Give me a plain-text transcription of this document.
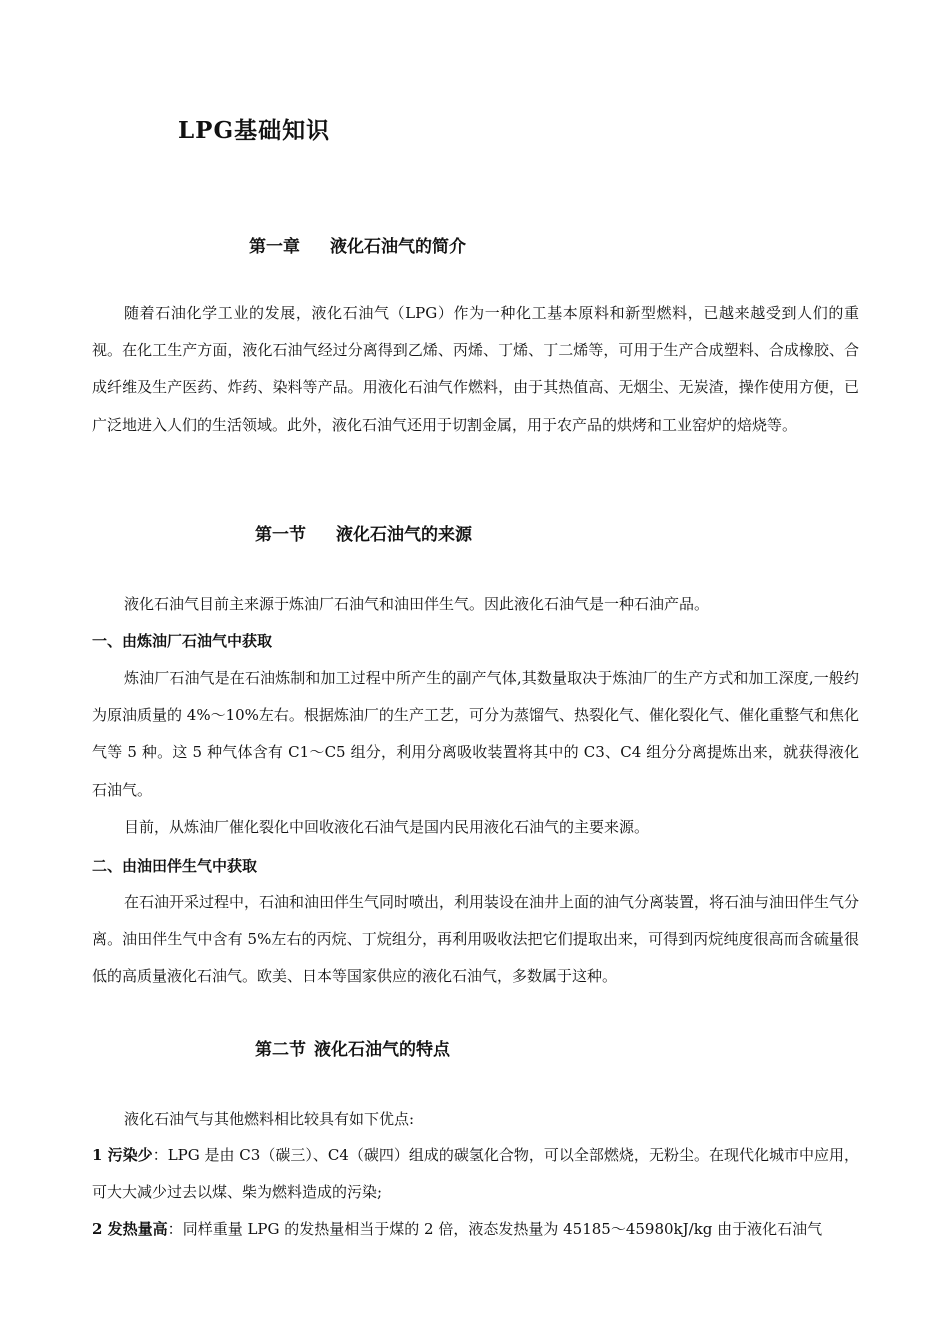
LPG基础知识
第一章 液化石油气的简介

随着石油化学工业的发展，液化石油气（LPG）作为一种化工基本原料和新型燃料，已越来越受到人们的重视。在化工生产方面，液化石油气经过分离得到乙烯、丙烯、丁烯、丁二烯等，可用于生产合成塑料、合成橡胶、合成纤维及生产医药、炸药、染料等产品。用液化石油气作燃料，由于其热值高、无烟尘、无炭渣，操作使用方便，已广泛地进入人们的生活领域。此外，液化石油气还用于切割金属，用于农产品的烘烤和工业窑炉的焙烧等。

第一节 液化石油气的来源

液化石油气目前主来源于炼油厂石油气和油田伴生气。因此液化石油气是一种石油产品。

一、由炼油厂石油气中获取

炼油厂石油气是在石油炼制和加工过程中所产生的副产气体,其数量取决于炼油厂的生产方式和加工深度,一般约为原油质量的 4%～10%左右。根据炼油厂的生产工艺，可分为蒸馏气、热裂化气、催化裂化气、催化重整气和焦化气等 5 种。这 5 种气体含有 C1～C5 组分，利用分离吸收装置将其中的 C3、C4 组分分离提炼出来，就获得液化石油气。

目前，从炼油厂催化裂化中回收液化石油气是国内民用液化石油气的主要来源。

二、由油田伴生气中获取

在石油开采过程中，石油和油田伴生气同时喷出，利用装设在油井上面的油气分离装置，将石油与油田伴生气分离。油田伴生气中含有 5%左右的丙烷、丁烷组分，再利用吸收法把它们提取出来，可得到丙烷纯度很高而含硫量很低的高质量液化石油气。欧美、日本等国家供应的液化石油气，多数属于这种。

第二节 液化石油气的特点

液化石油气与其他燃料相比较具有如下优点:

1 污染少：LPG 是由 C3（碳三）、C4（碳四）组成的碳氢化合物，可以全部燃烧，无粉尘。在现代化城市中应用，可大大减少过去以煤、柴为燃料造成的污染;

2 发热量高：同样重量 LPG 的发热量相当于煤的 2 倍，液态发热量为 45185～45980kJ/kg 由于液化石油气
